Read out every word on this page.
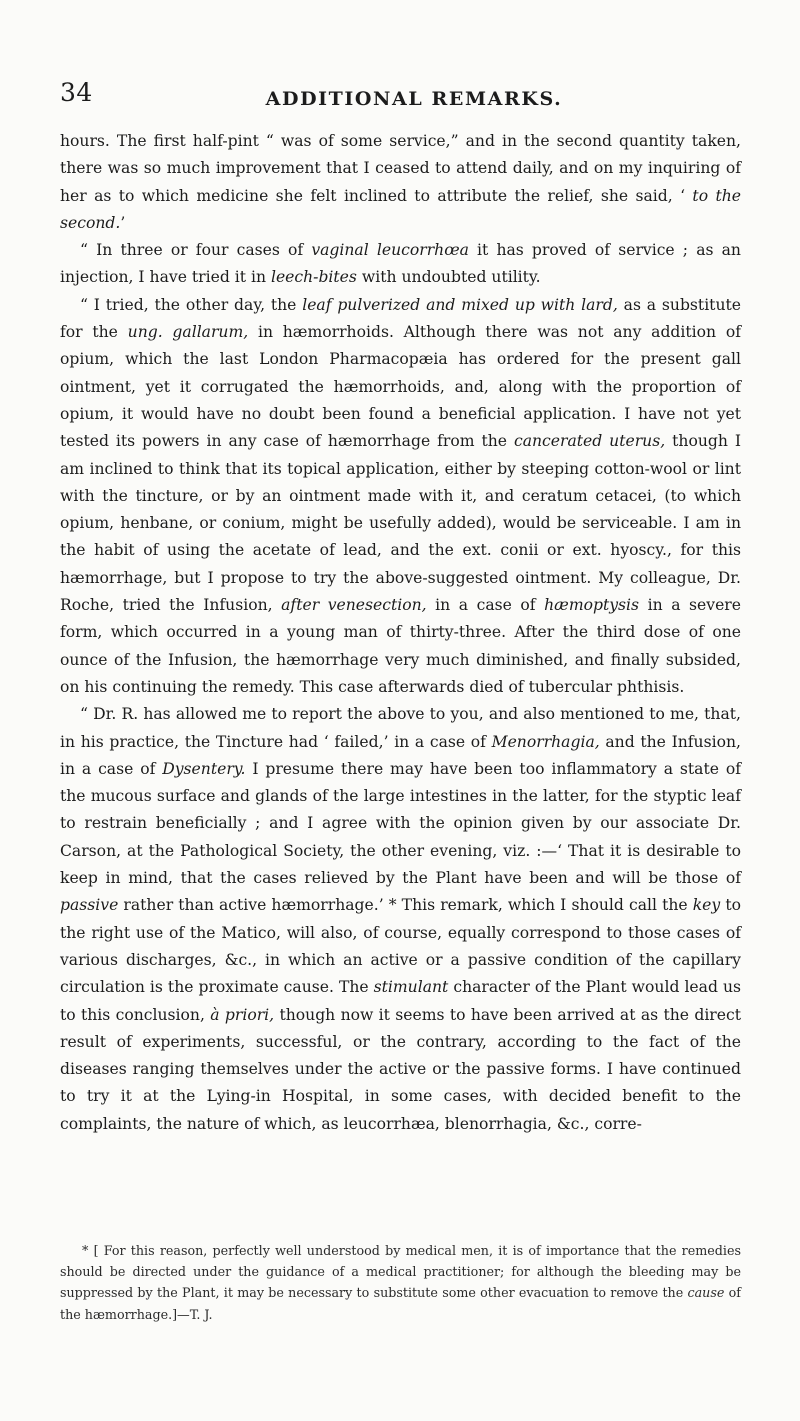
34	ADDITIONAL REMARKS.

hours. The first half-pint “ was of some service,” and in the second quantity taken, there was so much improvement that I ceased to attend daily, and on my inquiring of her as to which medicine she felt inclined to attribute the relief, she said, ‘ to the second.’

“ In three or four cases of vaginal leucorrhœa it has proved of service ; as an injection, I have tried it in leech-bites with undoubted utility.

“ I tried, the other day, the leaf pulverized and mixed up with lard, as a substitute for the ung. gallarum, in hæmorrhoids. Although there was not any addition of opium, which the last London Pharmacopæia has ordered for the present gall ointment, yet it corrugated the hæmorrhoids, and, along with the proportion of opium, it would have no doubt been found a beneficial application. I have not yet tested its powers in any case of hæmorrhage from the cancerated uterus, though I am inclined to think that its topical application, either by steeping cotton-wool or lint with the tincture, or by an ointment made with it, and ceratum cetacei, (to which opium, henbane, or conium, might be usefully added), would be serviceable. I am in the habit of using the acetate of lead, and the ext. conii or ext. hyoscy., for this hæmorrhage, but I propose to try the above-suggested ointment. My colleague, Dr. Roche, tried the Infusion, after venesection, in a case of hæmoptysis in a severe form, which occurred in a young man of thirty-three. After the third dose of one ounce of the Infusion, the hæmorrhage very much diminished, and finally subsided, on his continuing the remedy. This case afterwards died of tubercular phthisis.

“ Dr. R. has allowed me to report the above to you, and also mentioned to me, that, in his practice, the Tincture had ‘ failed,’ in a case of Menorrhagia, and the Infusion, in a case of Dysentery. I presume there may have been too inflammatory a state of the mucous surface and glands of the large intestines in the latter, for the styptic leaf to restrain beneficially ; and I agree with the opinion given by our associate Dr. Carson, at the Pathological Society, the other evening, viz. :—‘ That it is desirable to keep in mind, that the cases relieved by the Plant have been and will be those of passive rather than active hæmorrhage.’ * This remark, which I should call the key to the right use of the Matico, will also, of course, equally correspond to those cases of various discharges, &c., in which an active or a passive condition of the capillary circulation is the proximate cause. The stimulant character of the Plant would lead us to this conclusion, à priori, though now it seems to have been arrived at as the direct result of experiments, successful, or the contrary, according to the fact of the diseases ranging themselves under the active or the passive forms. I have continued to try it at the Lying-in Hospital, in some cases, with decided benefit to the complaints, the nature of which, as leucorrhæa, blenorrhagia, &c., corre-

* [ For this reason, perfectly well understood by medical men, it is of importance that the remedies should be directed under the guidance of a medical practitioner; for although the bleeding may be suppressed by the Plant, it may be necessary to substitute some other evacuation to remove the cause of the hæmorrhage.]—T. J.
